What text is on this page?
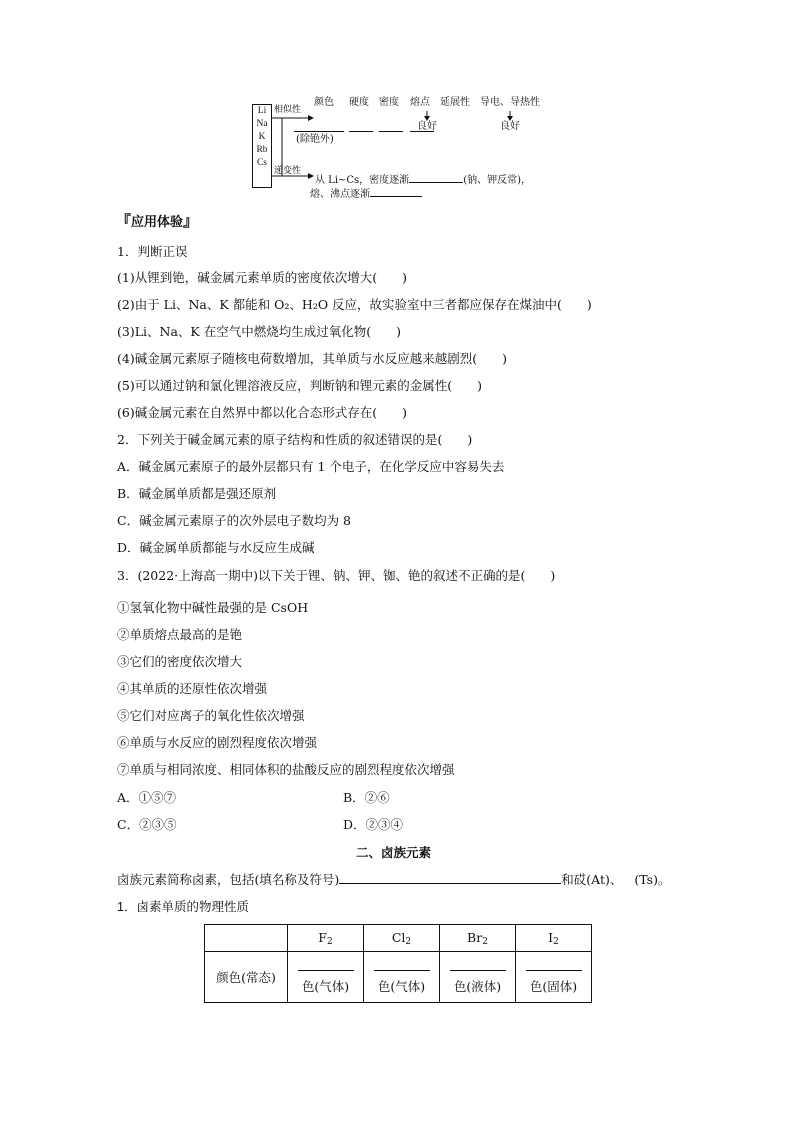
Li
Na
K
Rb
Cs
相似性
颜色 硬度 密度 熔点 延展性 导电、导热性
良好	良好
(除铯外)
递变性
从 Li~Cs，密度逐渐	(钠、钾反常)，
熔、沸点逐渐
『应用体验』
1．判断正误
(1)从锂到铯，碱金属元素单质的密度依次增大(　　)
(2)由于 Li、Na、K 都能和 O₂、H₂O 反应，故实验室中三者都应保存在煤油中(　　)
(3)Li、Na、K 在空气中燃烧均生成过氧化物(　　)
(4)碱金属元素原子随核电荷数增加，其单质与水反应越来越剧烈(　　)
(5)可以通过钠和氯化锂溶液反应，判断钠和锂元素的金属性(　　)
(6)碱金属元素在自然界中都以化合态形式存在(　　)
2．下列关于碱金属元素的原子结构和性质的叙述错误的是(　　)
A．碱金属元素原子的最外层都只有 1 个电子，在化学反应中容易失去
B．碱金属单质都是强还原剂
C．碱金属元素原子的次外层电子数均为 8
D．碱金属单质都能与水反应生成碱
3．(2022·上海高一期中)以下关于锂、钠、钾、铷、铯的叙述不正确的是(　　)
①氢氧化物中碱性最强的是 CsOH
②单质熔点最高的是铯
③它们的密度依次增大
④其单质的还原性依次增强
⑤它们对应离子的氧化性依次增强
⑥单质与水反应的剧烈程度依次增强
⑦单质与相同浓度、相同体积的盐酸反应的剧烈程度依次增强
A．①⑤⑦	B．②⑥
C．②③⑤	D．②③④
二、卤族元素
卤族元素简称卤素，包括(填名称及符号)	和砹(At)、 (Ts)。
1．卤素单质的物理性质
	$F_2$	$Cl_2$	$Br_2$	$I_2$
颜色(常态)	色(气体)	色(气体)	色(液体)	色(固体)
